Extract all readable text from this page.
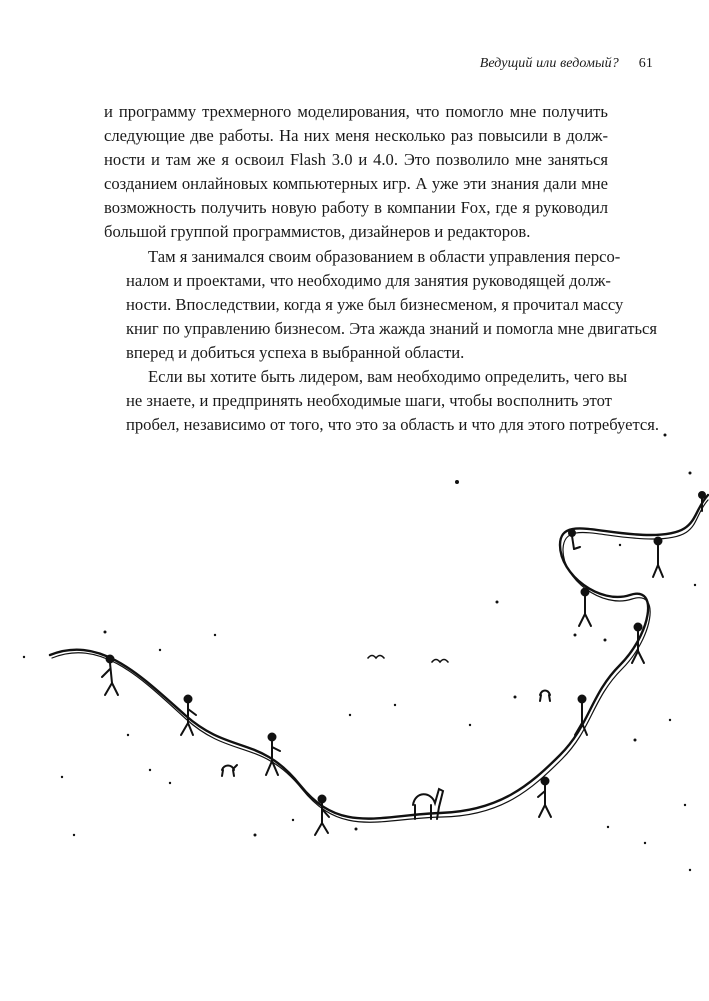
Ведущий или ведомый? 61

и программу трехмерного моделирования, что помогло мне получить
следующие две работы. На них меня несколько раз повысили в долж-
ности и там же я освоил Flash 3.0 и 4.0. Это позволило мне заняться
созданием онлайновых компьютерных игр. А уже эти знания дали мне
возможность получить новую работу в компании Fox, где я руководил
большой группой программистов, дизайнеров и редакторов.

Там я занимался своим образованием в области управления персо-
налом и проектами, что необходимо для занятия руководящей долж-
ности. Впоследствии, когда я уже был бизнесменом, я прочитал массу
книг по управлению бизнесом. Эта жажда знаний и помогла мне двигаться
вперед и добиться успеха в выбранной области.

Если вы хотите быть лидером, вам необходимо определить, чего вы
не знаете, и предпринять необходимые шаги, чтобы восполнить этот
пробел, независимо от того, что это за область и что для этого потребуется.
